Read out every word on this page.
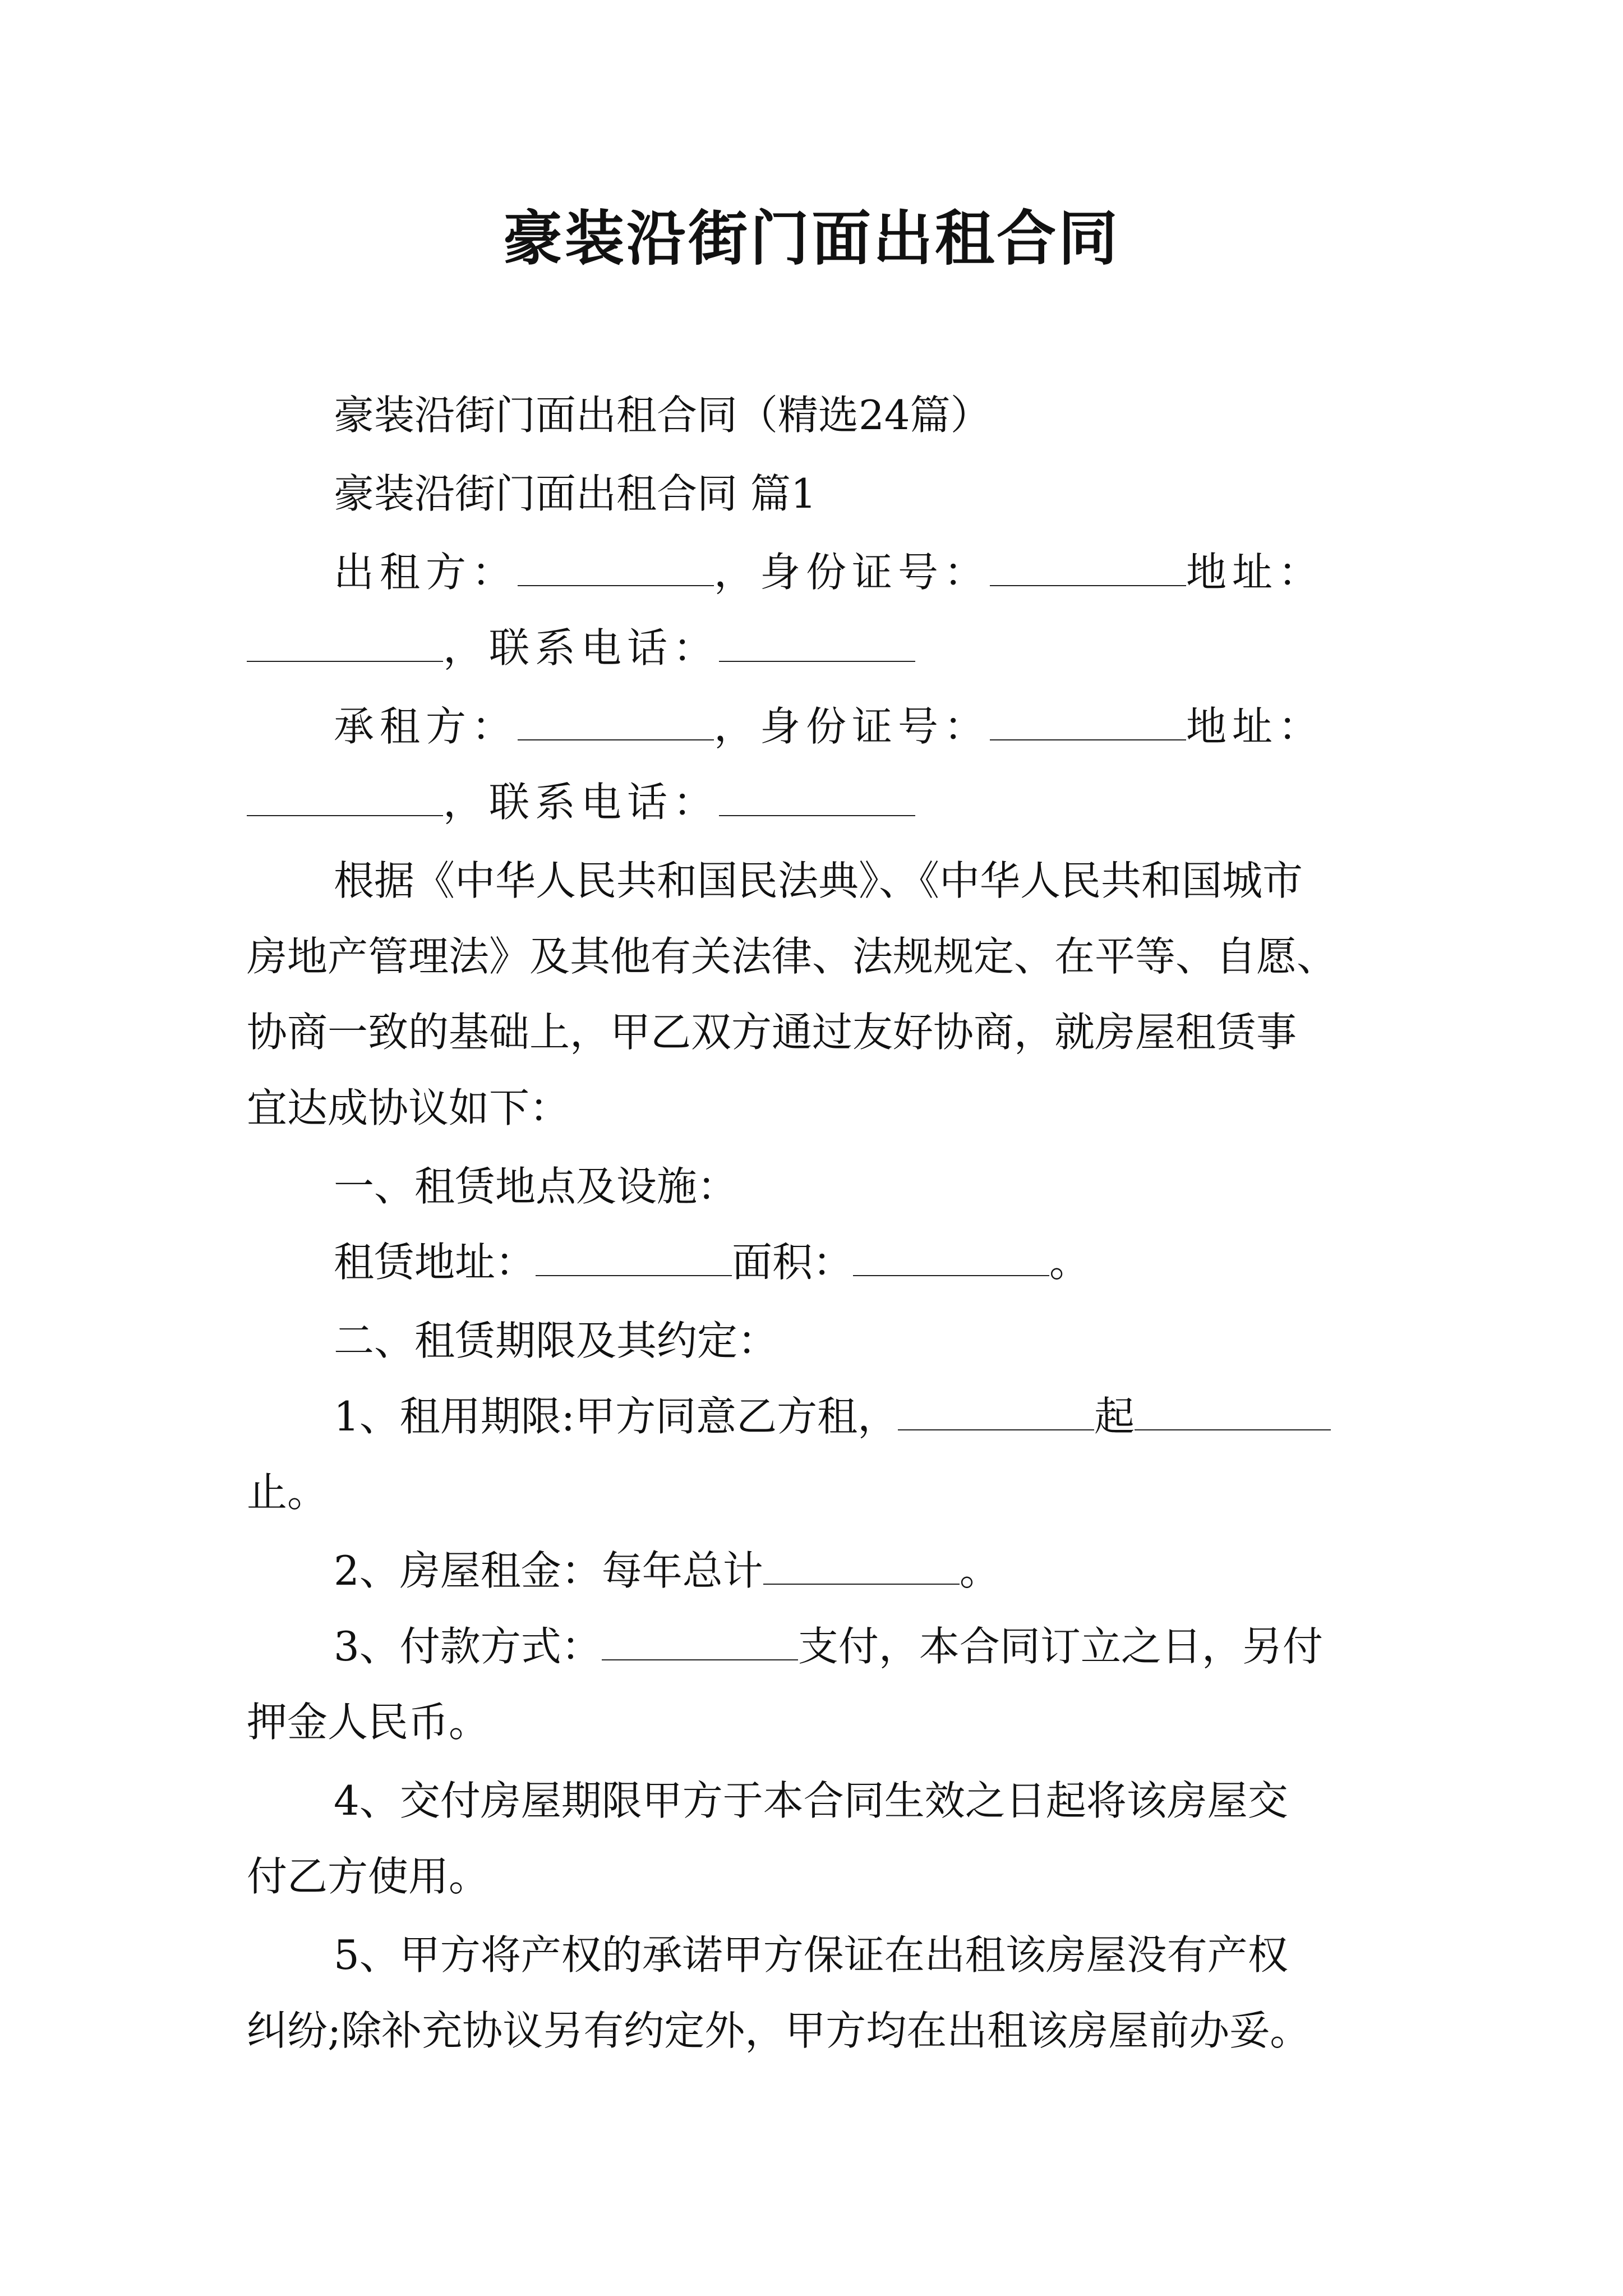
豪装沿街门面出租合同

豪装沿街门面出租合同（精选24篇）

豪装沿街门面出租合同 篇1

出租方：	，身份证号：	地址：

，联系电话：

承租方：	，身份证号：	地址：

，联系电话：

根据《中华人民共和国民法典》、《中华人民共和国城市

房地产管理法》及其他有关法律、法规规定、在平等、自愿、

协商一致的基础上，甲乙双方通过友好协商，就房屋租赁事

宜达成协议如下：

一、租赁地点及设施：

租赁地址：	面积：	。

二、租赁期限及其约定：

1、租用期限:甲方同意乙方租，	起

止。

2、房屋租金：每年总计	。

3、付款方式：	支付，本合同订立之日，另付

押金人民币。

4、交付房屋期限甲方于本合同生效之日起将该房屋交

付乙方使用。

5、甲方将产权的承诺甲方保证在出租该房屋没有产权

纠纷;除补充协议另有约定外，甲方均在出租该房屋前办妥。
